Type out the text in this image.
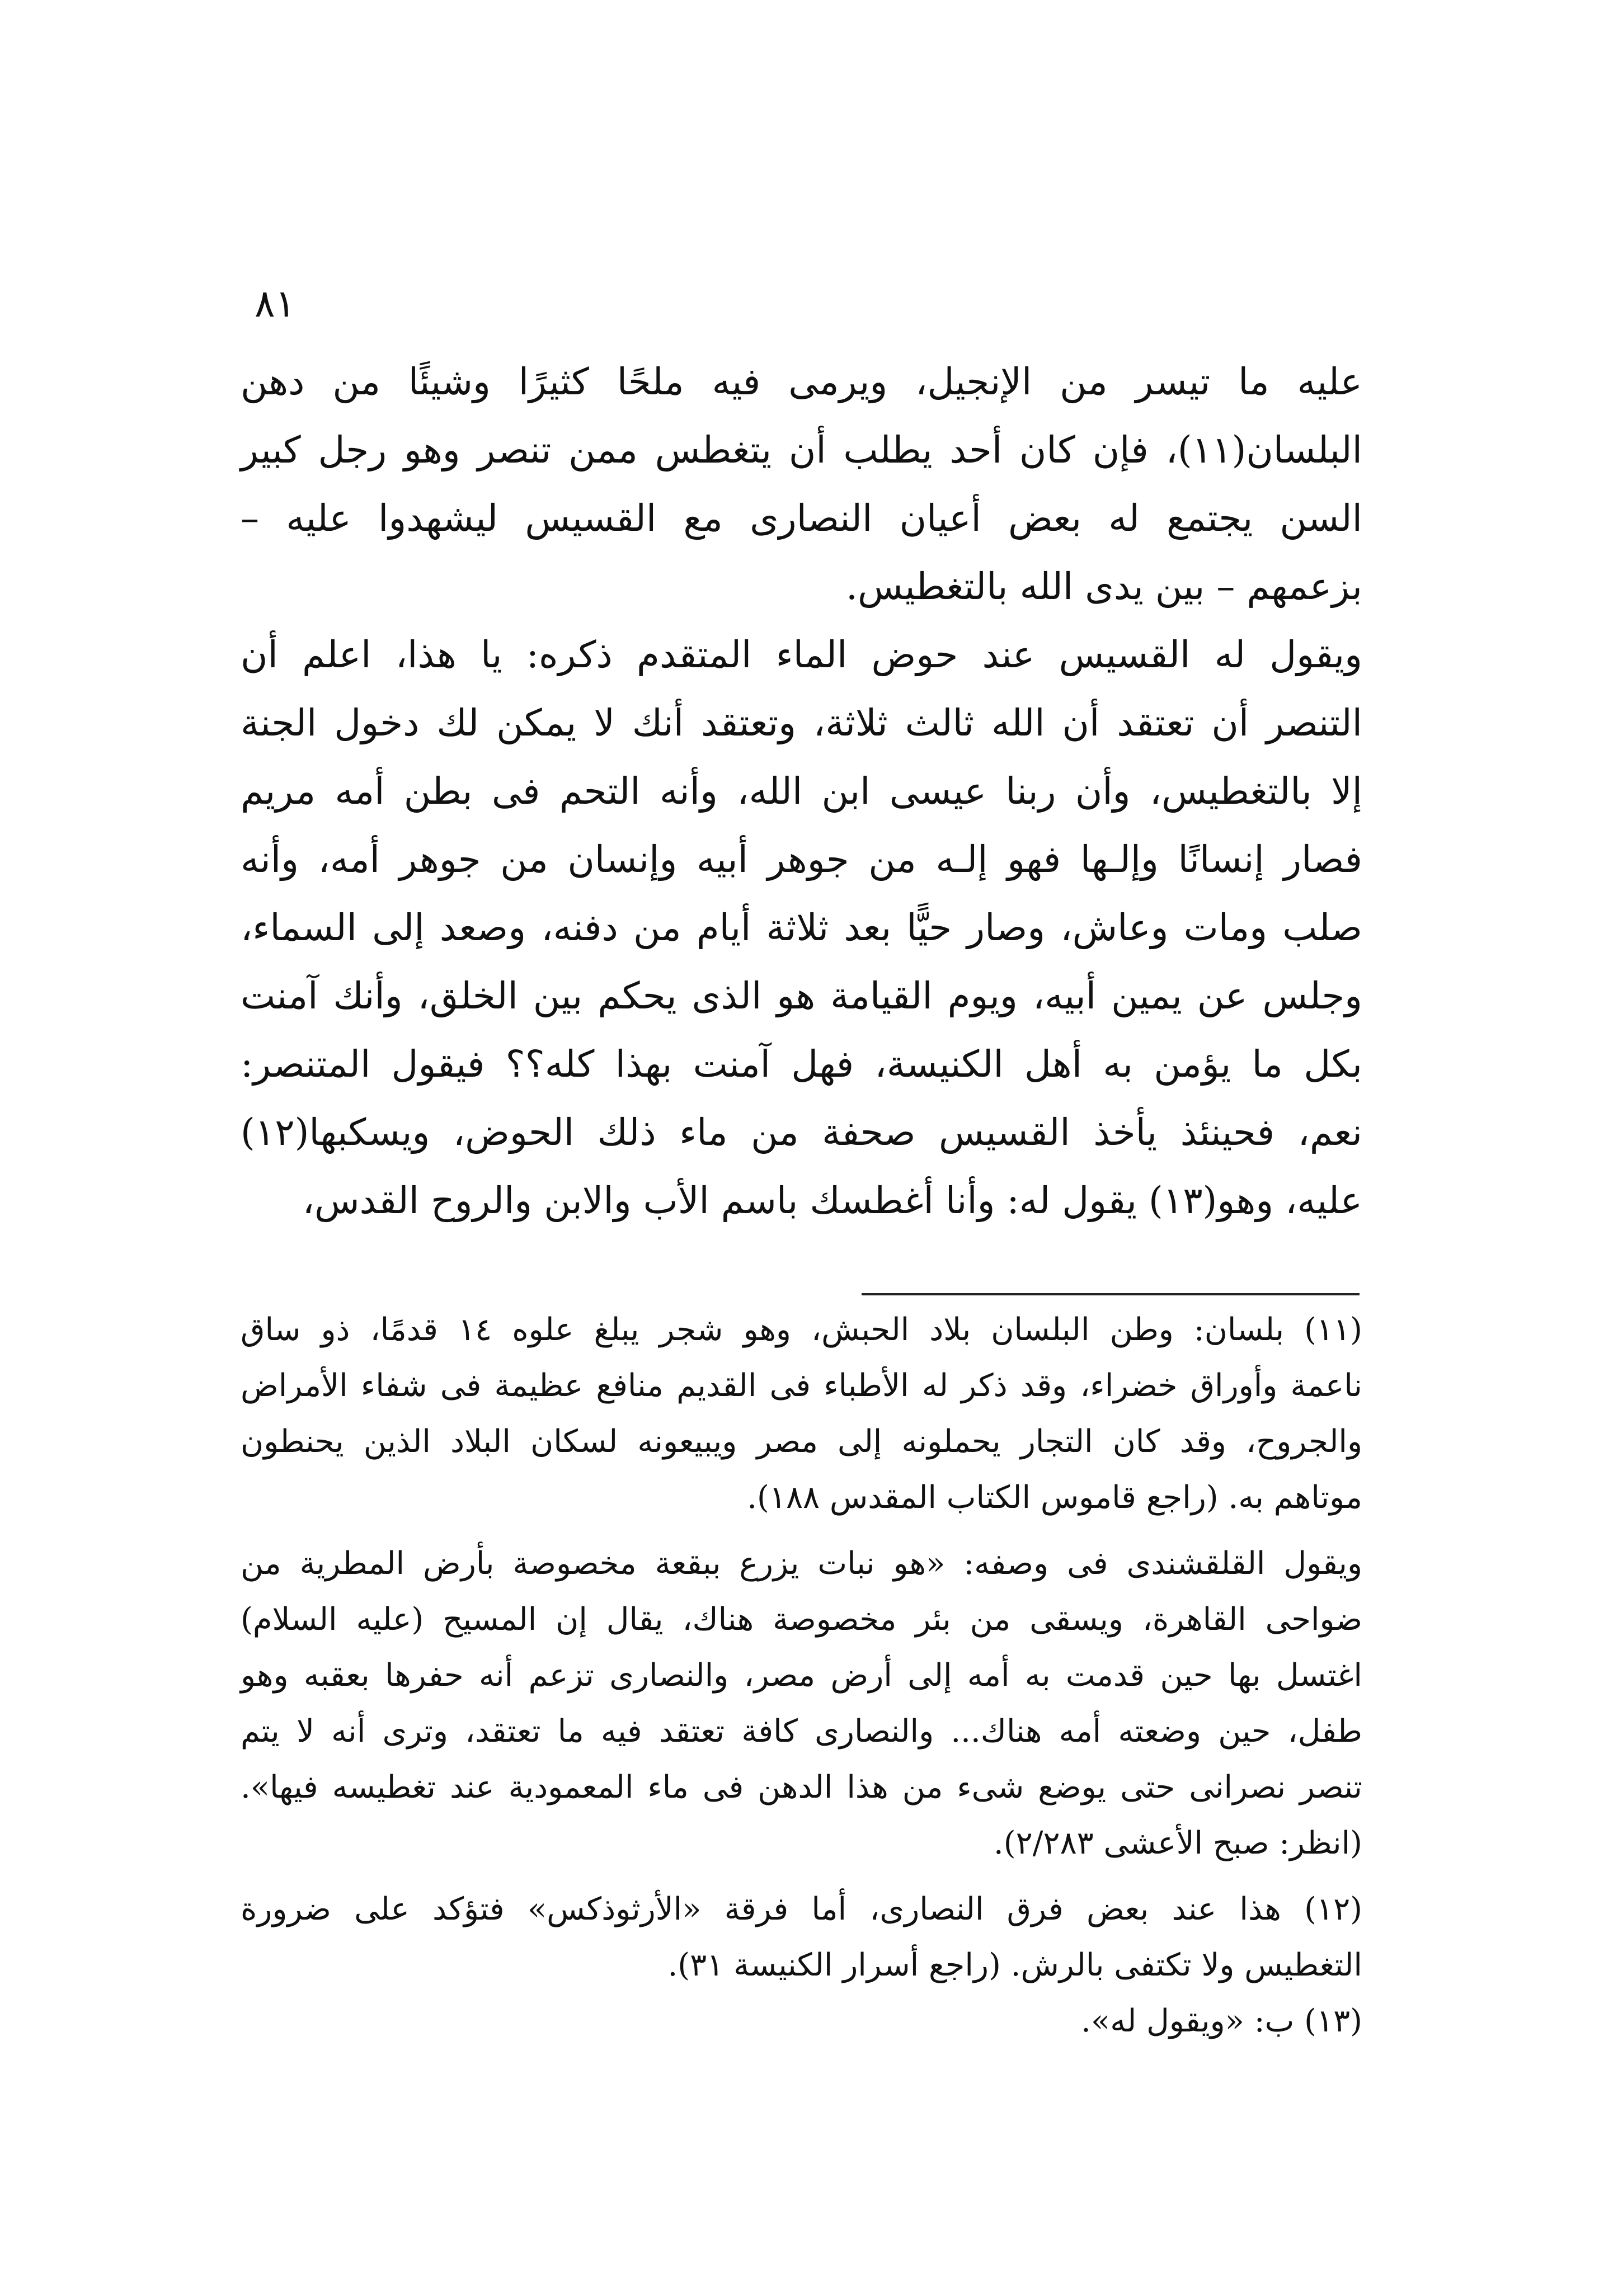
٨١
عليه ما تيسر من الإنجيل، ويرمى فيه ملحًا كثيرًا وشيئًا من دهن
البلسان(١١)، فإن كان أحد يطلب أن يتغطس ممن تنصر وهو رجل كبير
السن يجتمع له بعض أعيان النصارى مع القسيس ليشهدوا عليه –
بزعمهم – بين يدى الله بالتغطيس.
ويقول له القسيس عند حوض الماء المتقدم ذكره: يا هذا، اعلم أن
التنصر أن تعتقد أن الله ثالث ثلاثة، وتعتقد أنك لا يمكن لك دخول الجنة
إلا بالتغطيس، وأن ربنا عيسى ابن الله، وأنه التحم فى بطن أمه مريم
فصار إنسانًا وإلـها فهو إلـه من جوهر أبيه وإنسان من جوهر أمه، وأنه
صلب ومات وعاش، وصار حيًّا بعد ثلاثة أيام من دفنه، وصعد إلى السماء،
وجلس عن يمين أبيه، ويوم القيامة هو الذى يحكم بين الخلق، وأنك آمنت
بكل ما يؤمن به أهل الكنيسة، فهل آمنت بهذا كله؟؟ فيقول المتنصر:
نعم، فحينئذ يأخذ القسيس صحفة من ماء ذلك الحوض، ويسكبها(١٢)
عليه، وهو(١٣) يقول له: وأنا أغطسك باسم الأب والابن والروح القدس،
(١١) بلسان: وطن البلسان بلاد الحبش، وهو شجر يبلغ علوه ١٤ قدمًا، ذو ساق
ناعمة وأوراق خضراء، وقد ذكر له الأطباء فى القديم منافع عظيمة فى شفاء الأمراض
والجروح، وقد كان التجار يحملونه إلى مصر ويبيعونه لسكان البلاد الذين يحنطون
موتاهم به. (راجع قاموس الكتاب المقدس ١٨٨).
ويقول القلقشندى فى وصفه: «هو نبات يزرع ببقعة مخصوصة بأرض المطرية من
ضواحى القاهرة، ويسقى من بئر مخصوصة هناك، يقال إن المسيح (عليه السلام)
اغتسل بها حين قدمت به أمه إلى أرض مصر، والنصارى تزعم أنه حفرها بعقبه وهو
طفل، حين وضعته أمه هناك... والنصارى كافة تعتقد فيه ما تعتقد، وترى أنه لا يتم
تنصر نصرانى حتى يوضع شىء من هذا الدهن فى ماء المعمودية عند تغطيسه فيها».
(انظر: صبح الأعشى ٢/٢٨٣).
(١٢) هذا عند بعض فرق النصارى، أما فرقة «الأرثوذكس» فتؤكد على ضرورة
التغطيس ولا تكتفى بالرش. (راجع أسرار الكنيسة ٣١).
(١٣) ب: «ويقول له».
